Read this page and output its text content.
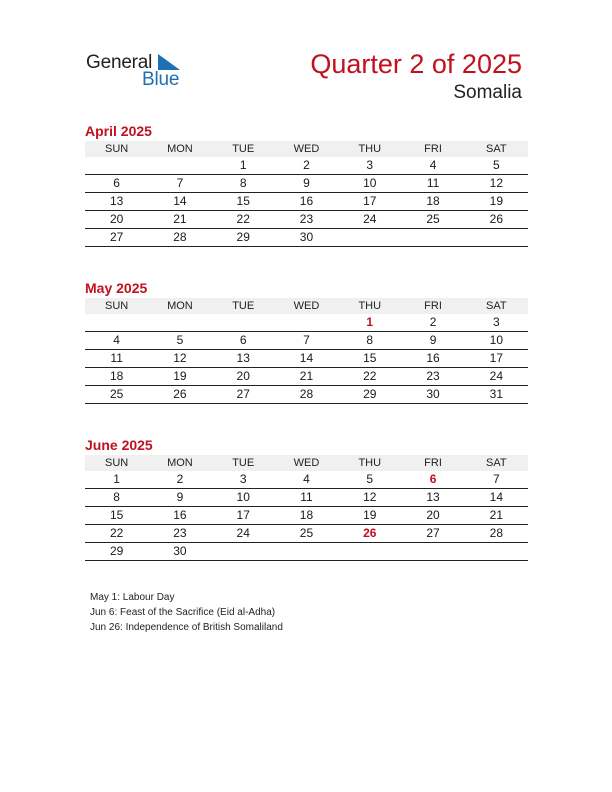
General
Blue
Quarter 2 of 2025
Somalia
April 2025
SUN	MON	TUE	WED	THU	FRI	SAT
		1	2	3	4	5
6	7	8	9	10	11	12
13	14	15	16	17	18	19
20	21	22	23	24	25	26
27	28	29	30			
May 2025
SUN	MON	TUE	WED	THU	FRI	SAT
				1	2	3
4	5	6	7	8	9	10
11	12	13	14	15	16	17
18	19	20	21	22	23	24
25	26	27	28	29	30	31
June 2025
SUN	MON	TUE	WED	THU	FRI	SAT
1	2	3	4	5	6	7
8	9	10	11	12	13	14
15	16	17	18	19	20	21
22	23	24	25	26	27	28
29	30					
May 1: Labour Day
Jun 6: Feast of the Sacrifice (Eid al-Adha)
Jun 26: Independence of British Somaliland
